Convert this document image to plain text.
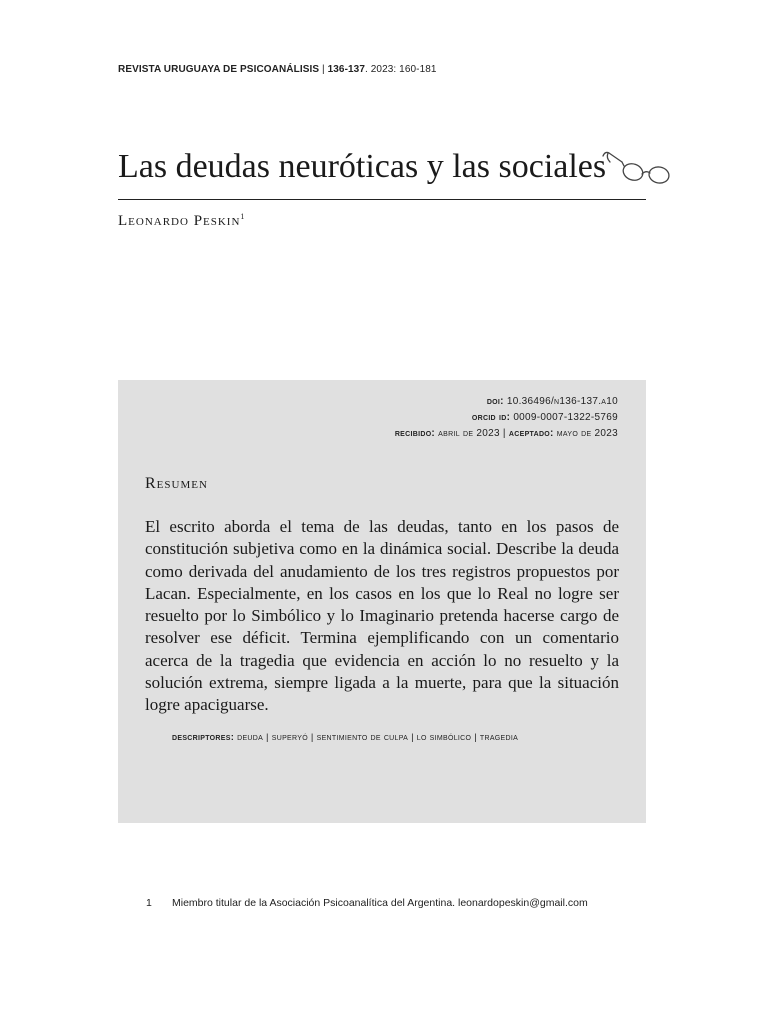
REVISTA URUGUAYA DE PSICOANÁLISIS | 136-137. 2023: 160-181
Las deudas neuróticas y las sociales
Leonardo Peskin$^1$
doi: 10.36496/n136-137.a10
orcid id: 0009-0007-1322-5769
recibido: abril de 2023 | aceptado: mayo de 2023
Resumen

El escrito aborda el tema de las deudas, tanto en los pasos de constitución subjetiva como en la dinámica social. Describe la deuda como derivada del anudamiento de los tres registros propuestos por Lacan. Especialmente, en los casos en los que lo Real no logre ser resuelto por lo Simbólico y lo Imaginario pretenda hacerse cargo de resolver ese déficit. Termina ejemplificando con un comentario acerca de la tragedia que evidencia en acción lo no resuelto y la solución extrema, siempre ligada a la muerte, para que la situación logre apaciguarse.

descriptores: deuda | superyó | sentimiento de culpa | lo simbólico | tragedia
1 Miembro titular de la Asociación Psicoanalítica del Argentina. leonardopeskin@gmail.com
